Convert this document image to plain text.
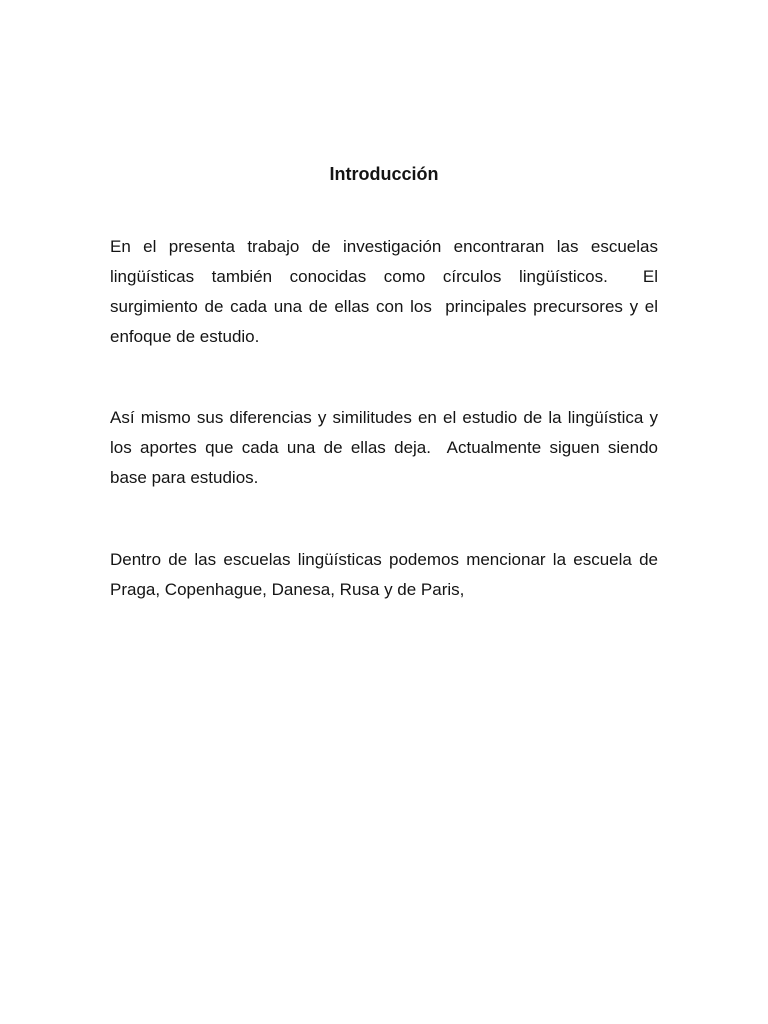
Introducción

En el presenta trabajo de investigación encontraran las escuelas lingüísticas también conocidas como círculos lingüísticos.  El surgimiento de cada una de ellas con los  principales precursores y el enfoque de estudio.

Así mismo sus diferencias y similitudes en el estudio de la lingüística y los aportes que cada una de ellas deja.  Actualmente siguen siendo base para estudios.

Dentro de las escuelas lingüísticas podemos mencionar la escuela de Praga, Copenhague, Danesa, Rusa y de Paris,
